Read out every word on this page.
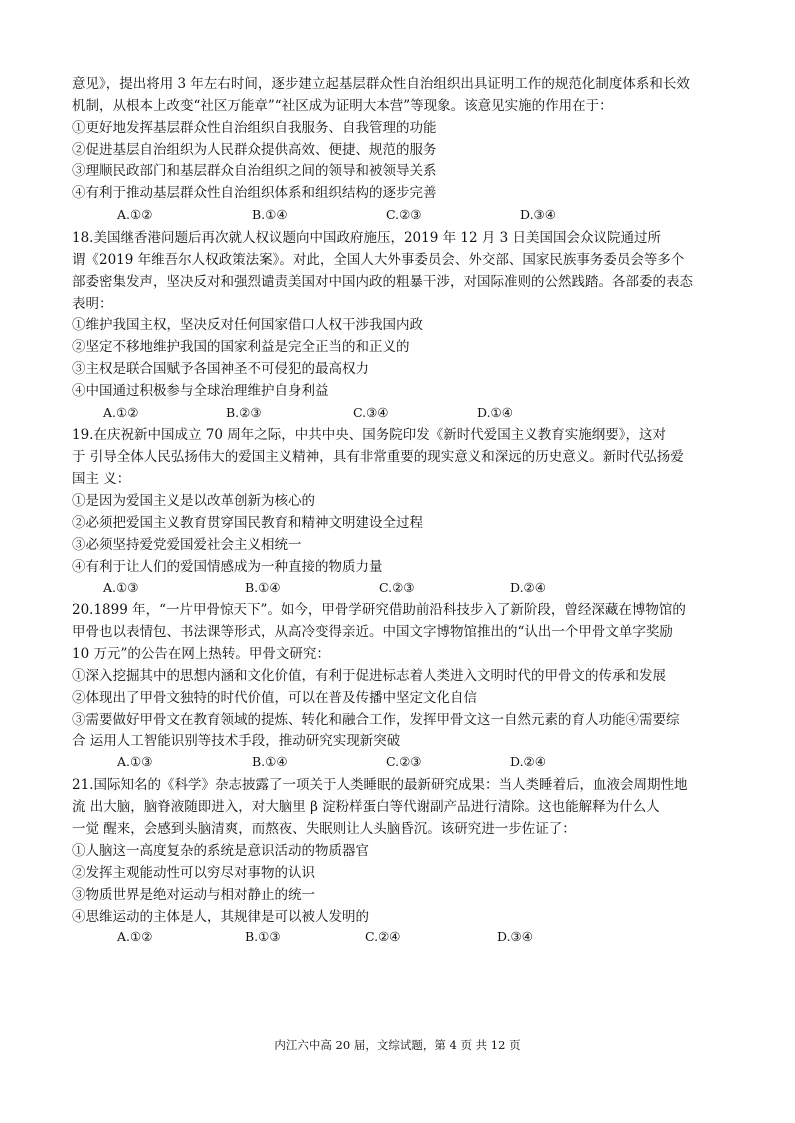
意见》，提出将用 3 年左右时间，逐步建立起基层群众性自治组织出具证明工作的规范化制度体系和长效
机制，从根本上改变“社区万能章”“社区成为证明大本营”等现象。该意见实施的作用在于：
①更好地发挥基层群众性自治组织自我服务、自我管理的功能
②促进基层自治组织为人民群众提供高效、便捷、规范的服务
③理顺民政部门和基层群众自治组织之间的领导和被领导关系
④有利于推动基层群众性自治组织体系和组织结构的逐步完善
A.①②	B.①④	C.②③	D.③④
18.美国继香港问题后再次就人权议题向中国政府施压，2019 年 12 月 3 日美国国会众议院通过所
谓《2019 年维吾尔人权政策法案》。对此，全国人大外事委员会、外交部、国家民族事务委员会等多个
部委密集发声，坚决反对和强烈谴责美国对中国内政的粗暴干涉，对国际准则的公然践踏。各部委的表态
表明：
①维护我国主权，坚决反对任何国家借口人权干涉我国内政
②坚定不移地维护我国的国家利益是完全正当的和正义的
③主权是联合国赋予各国神圣不可侵犯的最高权力
④中国通过积极参与全球治理维护自身利益
A.①②	B.②③	C.③④	D.①④
19.在庆祝新中国成立 70 周年之际，中共中央、国务院印发《新时代爱国主义教育实施纲要》，这对
于 引导全体人民弘扬伟大的爱国主义精神，具有非常重要的现实意义和深远的历史意义。新时代弘扬爱
国主 义：
①是因为爱国主义是以改革创新为核心的
②必须把爱国主义教育贯穿国民教育和精神文明建设全过程
③必须坚持爱党爱国爱社会主义相统一
④有利于让人们的爱国情感成为一种直接的物质力量
A.①③	B.①④	C.②③	D.②④
20.1899 年，“一片甲骨惊天下”。如今，甲骨学研究借助前沿科技步入了新阶段，曾经深藏在博物馆的
甲骨也以表情包、书法课等形式，从高冷变得亲近。中国文字博物馆推出的“认出一个甲骨文单字奖励
10 万元”的公告在网上热转。甲骨文研究：
①深入挖掘其中的思想内涵和文化价值，有利于促进标志着人类进入文明时代的甲骨文的传承和发展
②体现出了甲骨文独特的时代价值，可以在普及传播中坚定文化自信
③需要做好甲骨文在教育领域的提炼、转化和融合工作，发挥甲骨文这一自然元素的育人功能④需要综
合 运用人工智能识别等技术手段，推动研究实现新突破
A.①③	B.①④	C.②③	D.②④
21.国际知名的《科学》杂志披露了一项关于人类睡眠的最新研究成果：当人类睡着后，血液会周期性地
流 出大脑，脑脊液随即进入，对大脑里 β 淀粉样蛋白等代谢副产品进行清除。这也能解释为什么人
一觉 醒来，会感到头脑清爽，而熬夜、失眠则让人头脑昏沉。该研究进一步佐证了：
①人脑这一高度复杂的系统是意识活动的物质器官
②发挥主观能动性可以穷尽对事物的认识
③物质世界是绝对运动与相对静止的统一
④思维运动的主体是人，其规律是可以被人发明的
A.①②	B.①③	C.②④	D.③④
内江六中高 20 届，文综试题，第 4 页 共 12 页
